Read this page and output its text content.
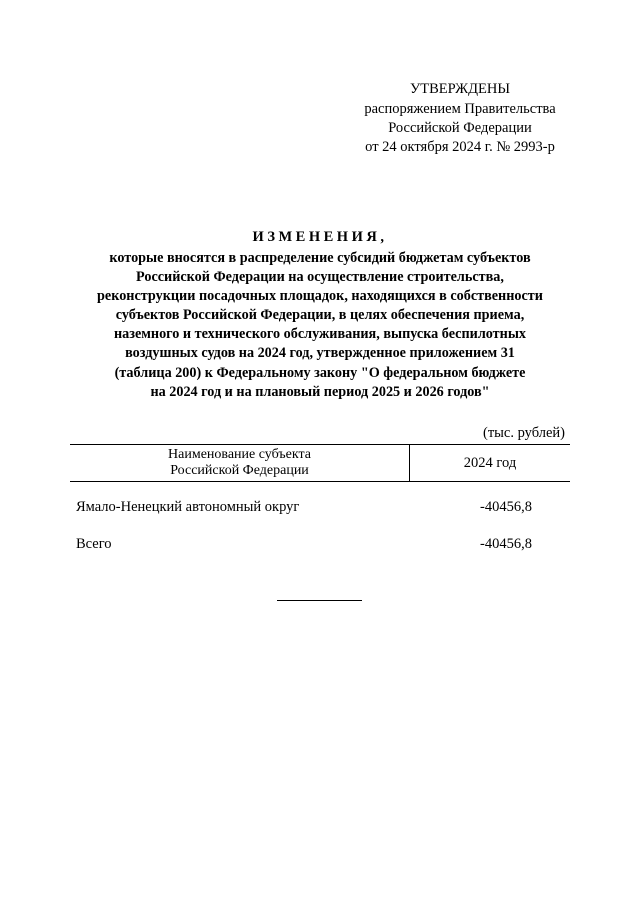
УТВЕРЖДЕНЫ
распоряжением Правительства
Российской Федерации
от 24 октября 2024 г. № 2993-р
ИЗМЕНЕНИЯ,
которые вносятся в распределение субсидий бюджетам субъектов
Российской Федерации на осуществление строительства,
реконструкции посадочных площадок, находящихся в собственности
субъектов Российской Федерации, в целях обеспечения приема,
наземного и технического обслуживания, выпуска беспилотных
воздушных судов на 2024 год, утвержденное приложением 31
(таблица 200) к Федеральному закону "О федеральном бюджете
на 2024 год и на плановый период 2025 и 2026 годов"
(тыс. рублей)
Наименование субъекта
Российской Федерации	2024 год
Ямало-Ненецкий автономный округ	-40456,8
Всего	-40456,8
